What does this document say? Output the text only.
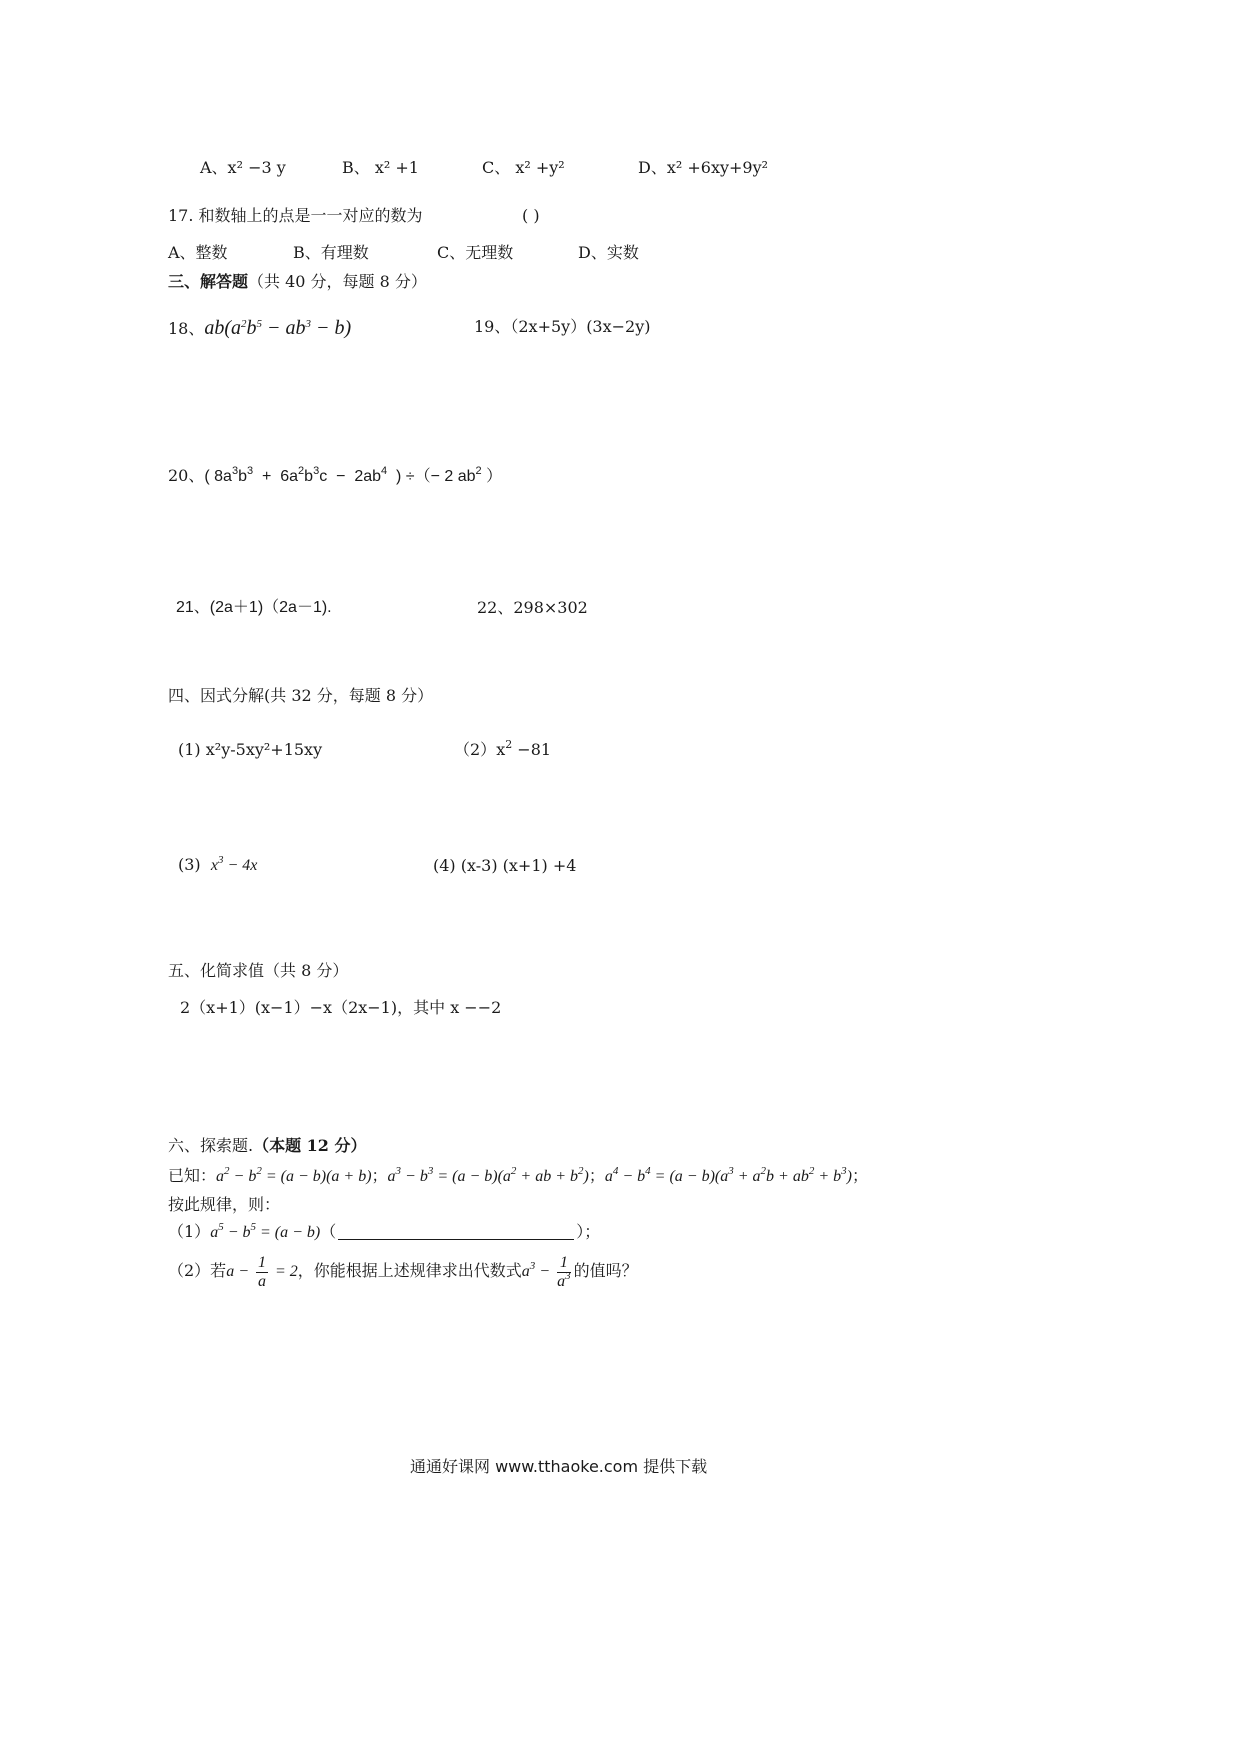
A、x² −3 y	B、 x² +1	C、 x² +y²	D、x² +6xy+9y²
17. 和数轴上的点是一一对应的数为	( )
A、整数	B、有理数	C、无理数	D、实数
三、解答题（共 40 分，每题 8 分）
18、$ab(a^2b^5 - ab^3 - b)$	19、（2x+5y）(3x−2y)
20、( $8a^3b^3 + 6a^2b^3c - 2ab^4$  ) ÷（− 2 $ab^2$ ）
21、(2a＋1)（2a－1).	22、298×302
四、因式分解(共 32 分，每题 8 分）
(1) x²y-5xy²+15xy	$(2)x^2 -81$
(3) $x^3 - 4x$	(4) (x-3) (x+1) +4
五、化简求值（共 8 分）
2（x+1）(x−1）−x（2x−1)，其中 x −−2
六、探索题.（本题 12 分）
已知：$a^2 - b^2 = (a - b)(a + b)$；$a^3 - b^3 = (a - b)(a^2$ + ab + $b^2$)；$a^4 - b^4 = (a - b)(a^3 + a^2b + ab^2 + b^3)$；
按此规律，则：
$(1)a^5 - b^5 = (a - b)$（	）；
（2）若$a - \frac{1}{a} = 2$，你能根据上述规律求出代数式$a^3 - \frac{1}{a^3}$ 的值吗？
通通好课网 www.tthaoke.com 提供下载
